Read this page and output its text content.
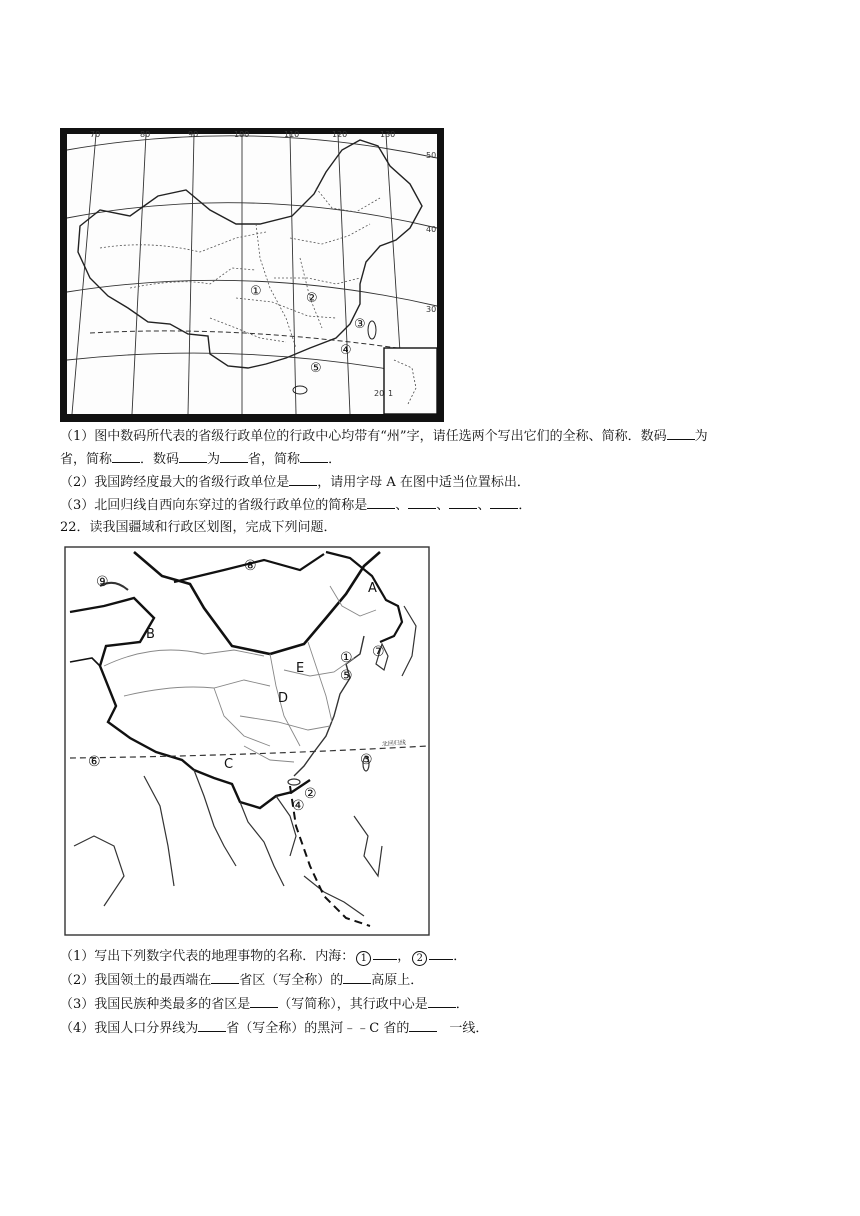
70	80	90	100	110	120	130
50
40
30
20 1
①	②
③
④
⑤
（1）图中数码所代表的省级行政单位的行政中心均带有“州”字，请任选两个写出它们的全称、简称．数码 为
省，简称 ．数码 为 省，简称 ．
（2）我国跨经度最大的省级行政单位是 ，请用字母 A 在图中适当位置标出．
（3）北回归线自西向东穿过的省级行政单位的简称是 、 、 、 ．
22．读我国疆域和行政区划图，完成下列问题．
北回归线
A
B
C
D
E
①
②
③
④
⑤
⑥
⑦
⑧
⑨
（1）写出下列数字代表的地理事物的名称．内海： 1 ， 2 ．
（2）我国领土的最西端在 省区（写全称）的 高原上．
（3）我国民族种类最多的省区是 （写简称），其行政中心是 ．
（4）我国人口分界线为 省（写全称）的黑河﹣﹣C 省的	一线．
